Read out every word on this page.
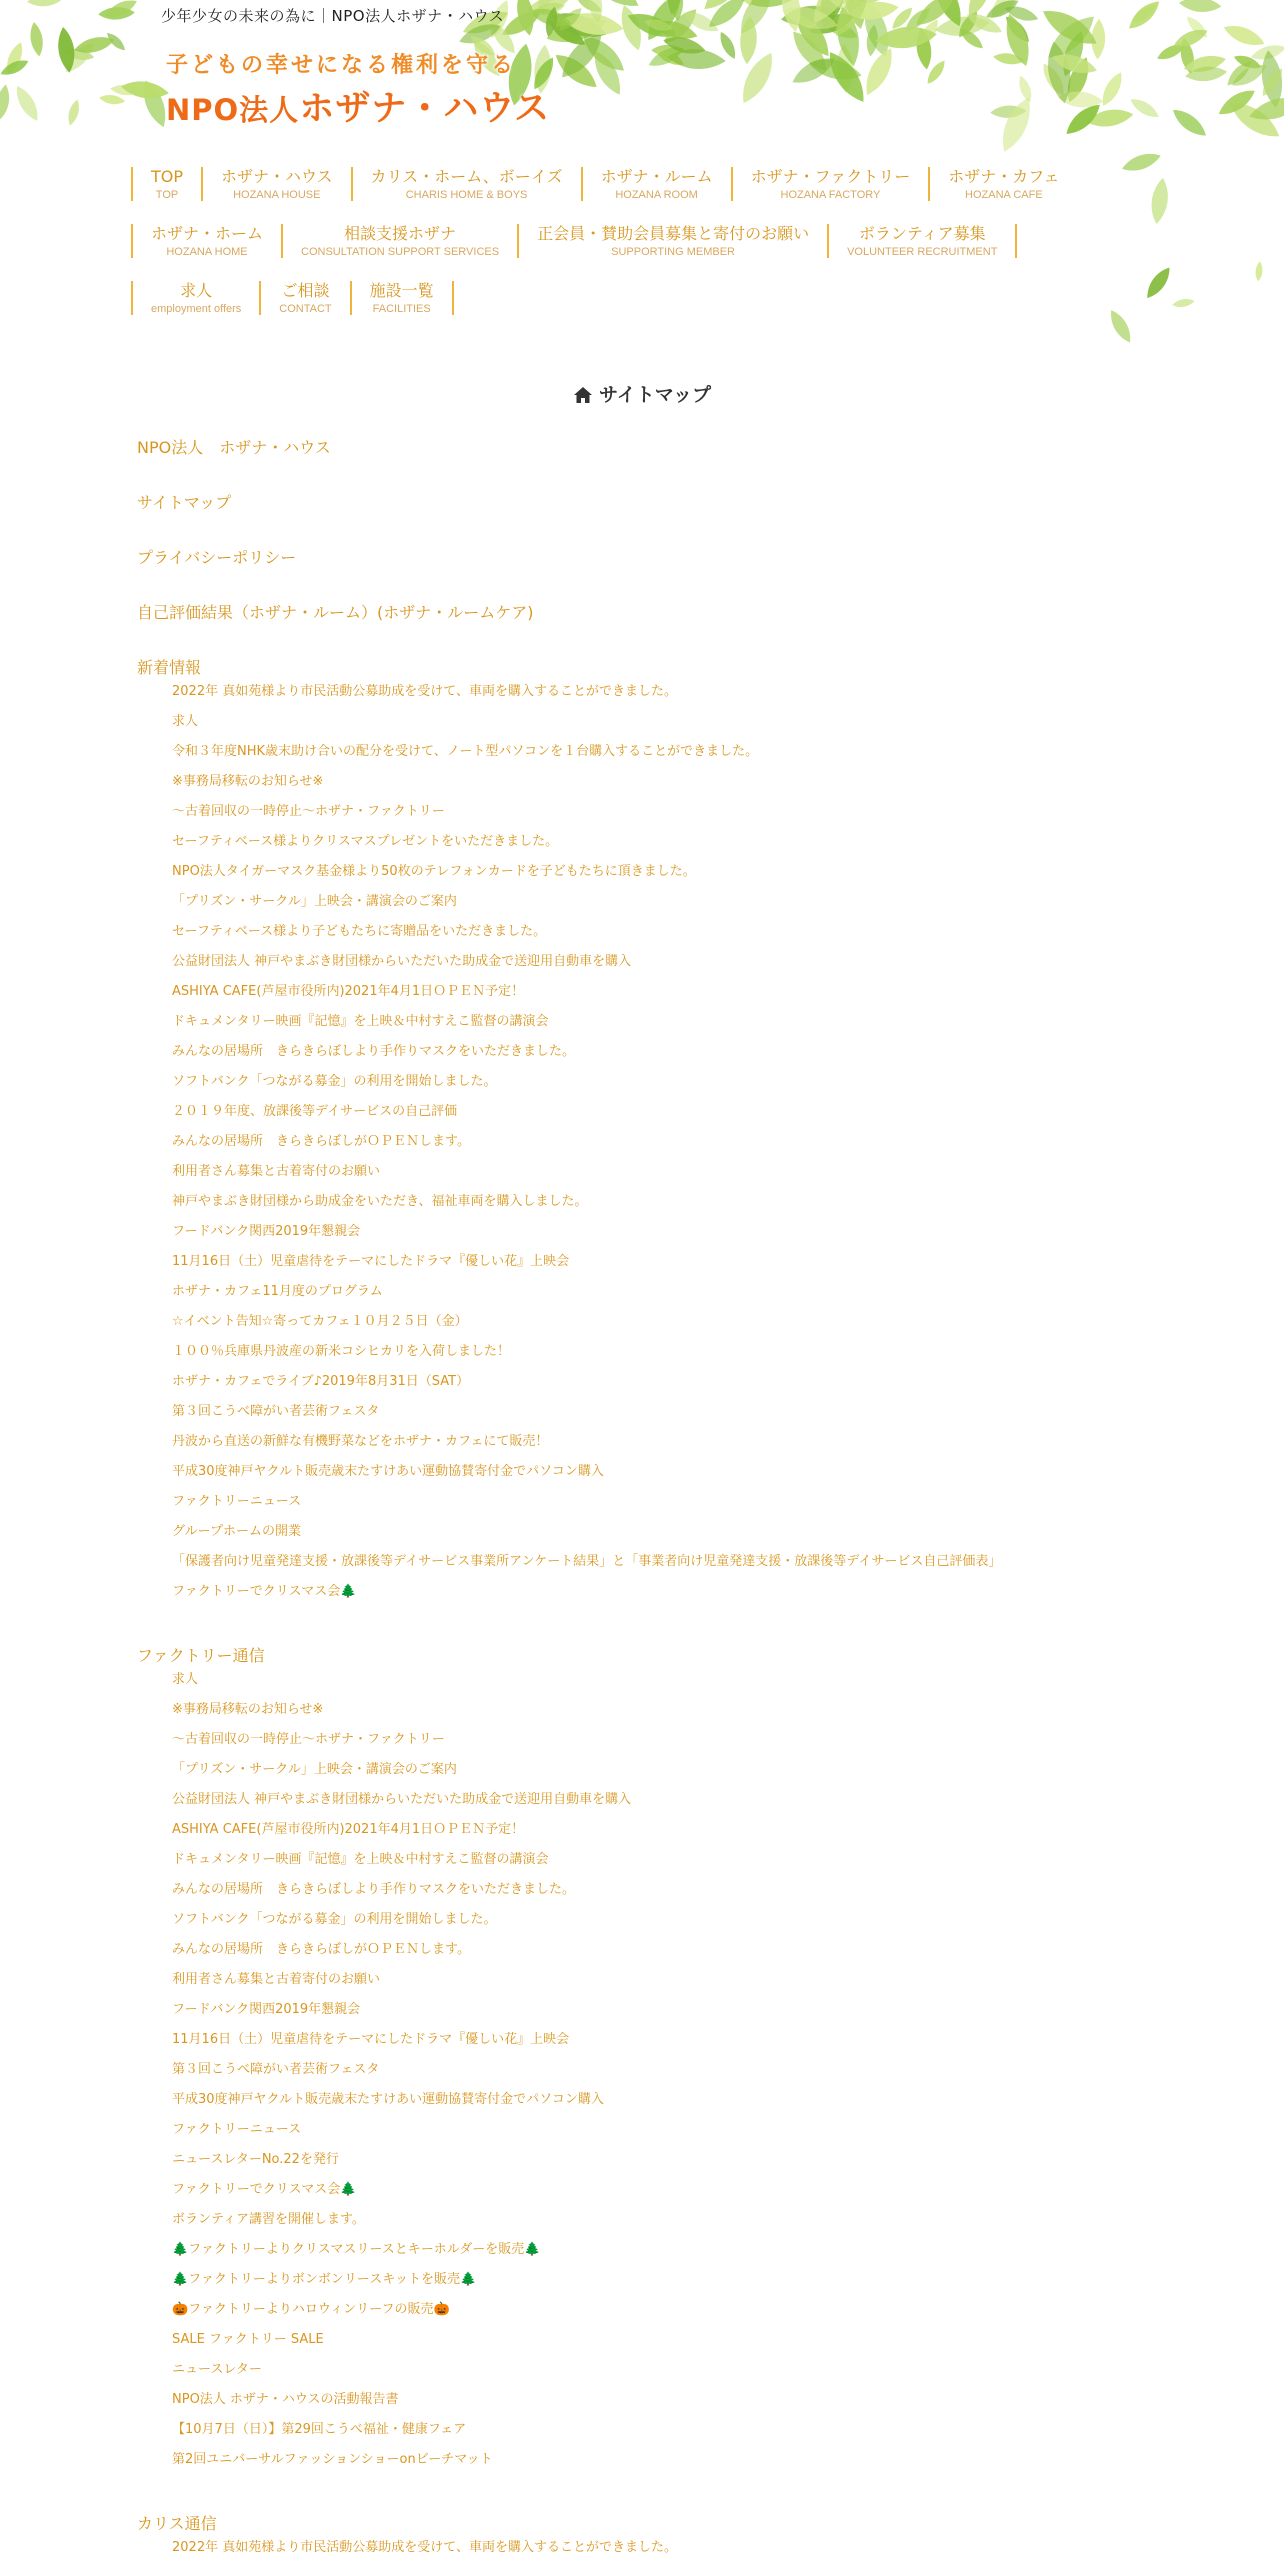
少年少女の未来の為に｜NPO法人ホザナ・ハウス
子どもの幸せになる権利を守る
NPO法人ホザナ・ハウス
TOP
TOP
ホザナ・ハウス
HOZANA HOUSE
カリス・ホーム、ボーイズ
CHARIS HOME & BOYS
ホザナ・ルーム
HOZANA ROOM
ホザナ・ファクトリー
HOZANA FACTORY
ホザナ・カフェ
HOZANA CAFE
ホザナ・ホーム
HOZANA HOME
相談支援ホザナ
CONSULTATION SUPPORT SERVICES
正会員・賛助会員募集と寄付のお願い
SUPPORTING MEMBER
ボランティア募集
VOLUNTEER RECRUITMENT
求人
employment offers
ご相談
CONTACT
施設一覧
FACILITIES
サイトマップ
NPO法人　ホザナ・ハウス
サイトマップ
プライバシーポリシー
自己評価結果（ホザナ・ルーム）(ホザナ・ルームケア)
新着情報
2022年 真如苑様より市民活動公募助成を受けて、車両を購入することができました。
求人
令和３年度NHK歳末助け合いの配分を受けて、ノート型パソコンを１台購入することができました。
※事務局移転のお知らせ※
～古着回収の一時停止～ホザナ・ファクトリー
セーフティベース様よりクリスマスプレゼントをいただきました。
NPO法人タイガーマスク基金様より50枚のテレフォンカードを子どもたちに頂きました。
「プリズン・サークル」上映会・講演会のご案内
セーフティベース様より子どもたちに寄贈品をいただきました。
公益財団法人 神戸やまぶき財団様からいただいた助成金で送迎用自動車を購入
ASHIYA CAFE(芦屋市役所内)2021年4月1日ＯＰＥＮ予定！
ドキュメンタリー映画『記憶』を上映＆中村すえこ監督の講演会
みんなの居場所　きらきらぼしより手作りマスクをいただきました。
ソフトバンク「つながる募金」の利用を開始しました。
２０１９年度、放課後等デイサービスの自己評価
みんなの居場所　きらきらぼしがＯＰＥＮします。
利用者さん募集と古着寄付のお願い
神戸やまぶき財団様から助成金をいただき、福祉車両を購入しました。
フードバンク関西2019年懇親会
11月16日（土）児童虐待をテーマにしたドラマ『優しい花』上映会
ホザナ・カフェ11月度のプログラム
☆イベント告知☆寄ってカフェ１０月２５日（金）
１００％兵庫県丹波産の新米コシヒカリを入荷しました！
ホザナ・カフェでライブ♪2019年8月31日（SAT）
第３回こうべ障がい者芸術フェスタ
丹波から直送の新鮮な有機野菜などをホザナ・カフェにて販売！
平成30度神戸ヤクルト販売歳末たすけあい運動協賛寄付金でパソコン購入
ファクトリーニュース
グループホームの開業
「保護者向け児童発達支援・放課後等デイサービス事業所アンケート結果」と「事業者向け児童発達支援・放課後等デイサービス自己評価表」
ファクトリーでクリスマス会🌲
ファクトリー通信
求人
※事務局移転のお知らせ※
～古着回収の一時停止～ホザナ・ファクトリー
「プリズン・サークル」上映会・講演会のご案内
公益財団法人 神戸やまぶき財団様からいただいた助成金で送迎用自動車を購入
ASHIYA CAFE(芦屋市役所内)2021年4月1日ＯＰＥＮ予定！
ドキュメンタリー映画『記憶』を上映＆中村すえこ監督の講演会
みんなの居場所　きらきらぼしより手作りマスクをいただきました。
ソフトバンク「つながる募金」の利用を開始しました。
みんなの居場所　きらきらぼしがＯＰＥＮします。
利用者さん募集と古着寄付のお願い
フードバンク関西2019年懇親会
11月16日（土）児童虐待をテーマにしたドラマ『優しい花』上映会
第３回こうべ障がい者芸術フェスタ
平成30度神戸ヤクルト販売歳末たすけあい運動協賛寄付金でパソコン購入
ファクトリーニュース
ニュースレターNo.22を発行
ファクトリーでクリスマス会🌲
ボランティア講習を開催します。
🌲ファクトリーよりクリスマスリースとキーホルダーを販売🌲
🌲ファクトリーよりボンボンリースキットを販売🌲
🎃ファクトリーよりハロウィンリーフの販売🎃
SALE ファクトリー SALE
ニュースレター
NPO法人 ホザナ・ハウスの活動報告書
【10月7日（日）】第29回こうべ福祉・健康フェア
第2回ユニバーサルファッションショーonビーチマット
カリス通信
2022年 真如苑様より市民活動公募助成を受けて、車両を購入することができました。
